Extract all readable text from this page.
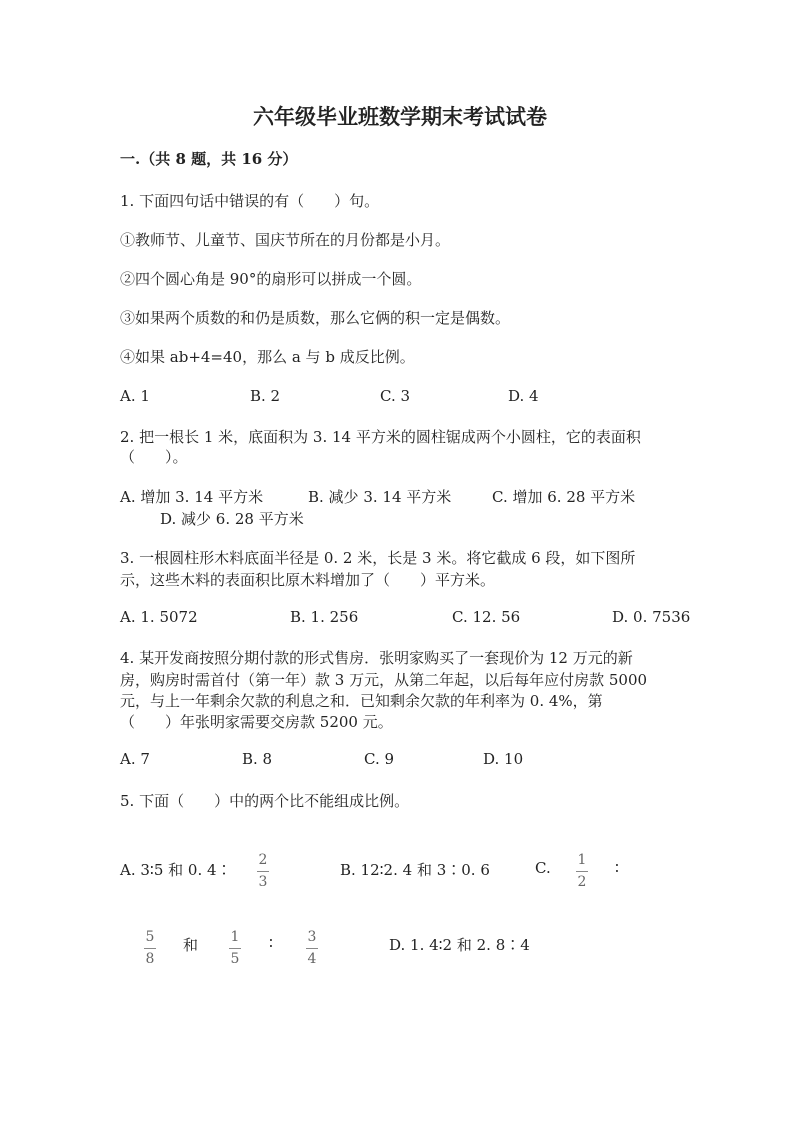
六年级毕业班数学期末考试试卷
一.（共 8 题，共 16 分）
1. 下面四句话中错误的有（　　）句。
①教师节、儿童节、国庆节所在的月份都是小月。
②四个圆心角是 90°的扇形可以拼成一个圆。
③如果两个质数的和仍是质数，那么它俩的积一定是偶数。
④如果 ab+4=40，那么 a 与 b 成反比例。
A. 1	B. 2	C. 3	D. 4
2. 把一根长 1 米，底面积为 3. 14 平方米的圆柱锯成两个小圆柱，它的表面积
（　　）。
A. 增加 3. 14 平方米	B. 减少 3. 14 平方米	C. 增加 6. 28 平方米
D. 减少 6. 28 平方米
3. 一根圆柱形木料底面半径是 0. 2 米，长是 3 米。将它截成 6 段，如下图所
示，这些木料的表面积比原木料增加了（　　）平方米。
A. 1. 5072	B. 1. 256	C. 12. 56	D. 0. 7536
4. 某开发商按照分期付款的形式售房．张明家购买了一套现价为 12 万元的新
房，购房时需首付（第一年）款 3 万元，从第二年起，以后每年应付房款 5000
元，与上一年剩余欠款的利息之和．已知剩余欠款的年利率为 0. 4%，第
（　　）年张明家需要交房款 5200 元。
A. 7	B. 8	C. 9	D. 10
5. 下面（　　）中的两个比不能组成比例。
A. 3∶5 和 0. 4∶
2
3
B. 12∶2. 4 和 3∶0. 6	C. 1
2
∶
5
8
和 1
5
∶ 3
4
D. 1. 4∶2 和 2. 8∶4
